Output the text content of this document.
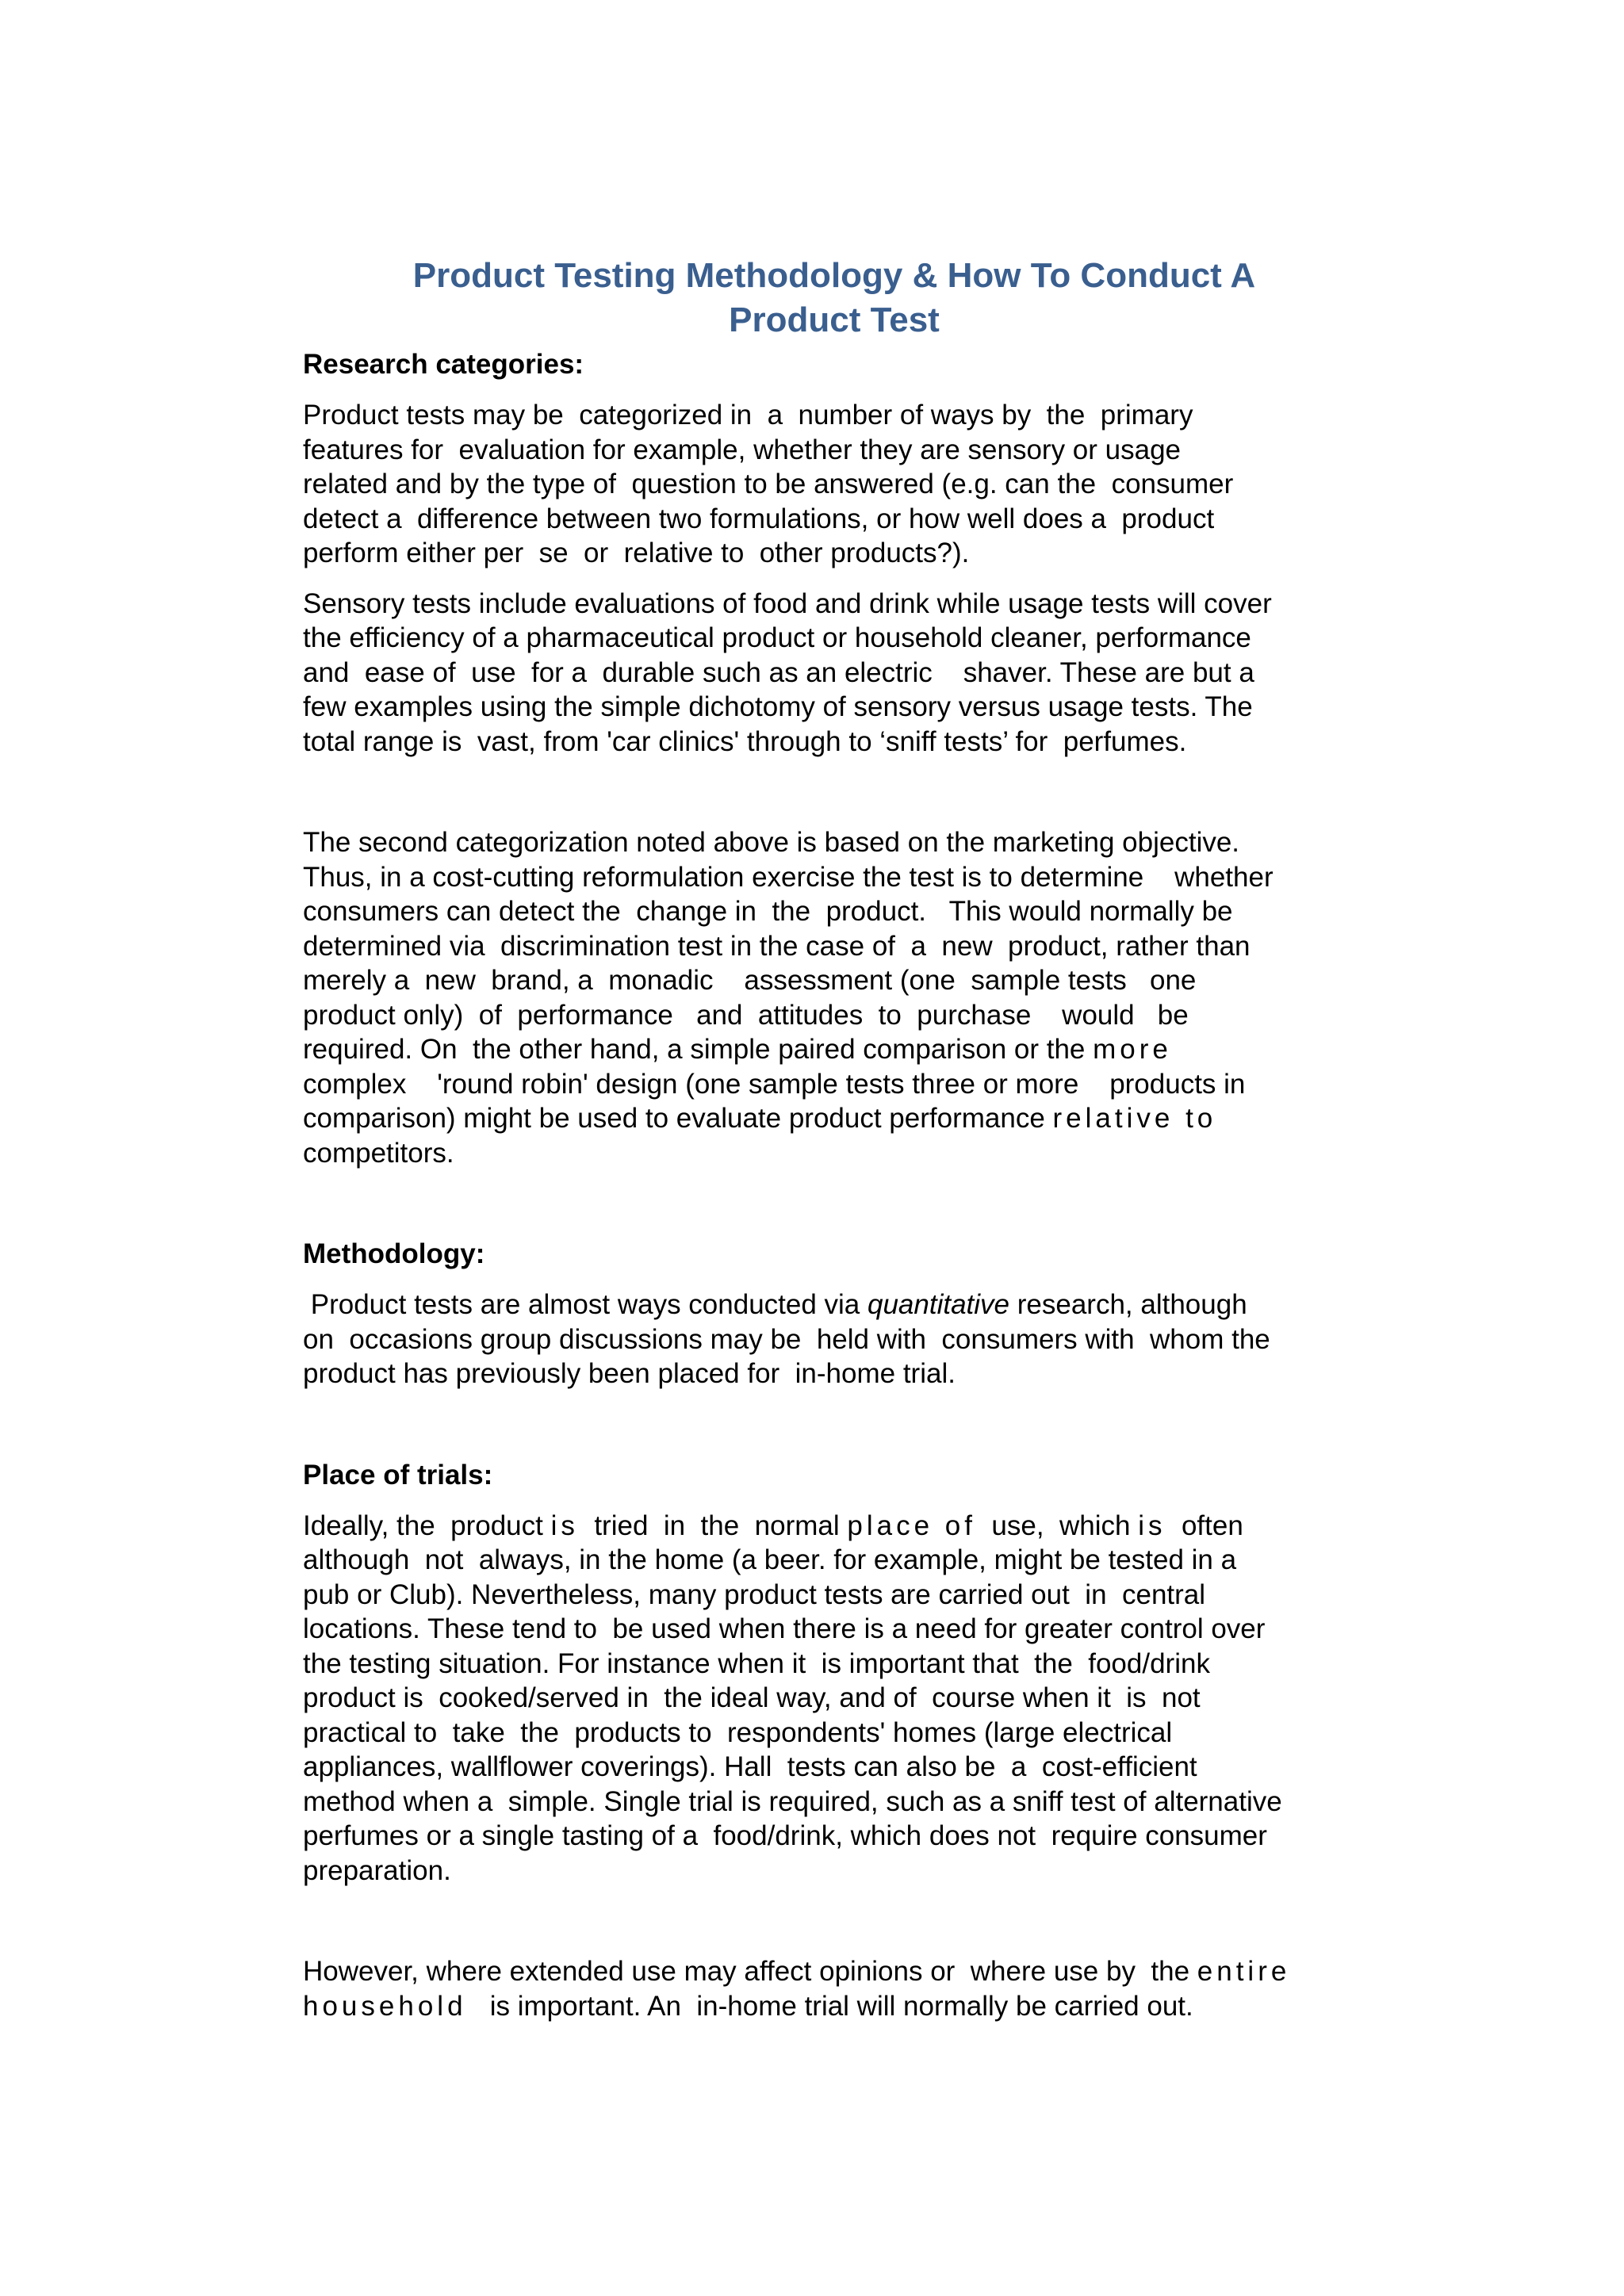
Product Testing Methodology & How To Conduct A
Product Test

Research categories:

Product tests may be  categorized in  a  number of ways by  the  primary
features for  evaluation for example, whether they are sensory or usage
related and by the type of  question to be answered (e.g. can the  consumer
detect a  difference between two formulations, or how well does a  product
perform either per  se  or  relative to  other products?).

Sensory tests include evaluations of food and drink while usage tests will cover
the efficiency of a pharmaceutical product or household cleaner, performance
and  ease of  use  for a  durable such as an electric    shaver. These are but a
few examples using the simple dichotomy of sensory versus usage tests. The
total range is  vast, from 'car clinics' through to ‘sniff tests’ for  perfumes.

The second categorization noted above is based on the marketing objective.
Thus, in a cost-cutting reformulation exercise the test is to determine    whether
consumers can detect the  change in  the  product.   This would normally be
determined via  discrimination test in the case of  a  new  product, rather than
merely a  new  brand, a  monadic    assessment (one  sample tests   one
product only)  of  performance   and  attitudes  to  purchase    would   be
required. On  the other hand, a simple paired comparison or the more
complex    'round robin' design (one sample tests three or more    products in
comparison) might be used to evaluate product performance relative to
competitors.

Methodology:

Product tests are almost ways conducted via quantitative research, although
on  occasions group discussions may be  held with  consumers with  whom the
product has previously been placed for  in-home trial.

Place of trials:

Ideally, the  product is  tried  in  the  normal place of  use,  which is  often
although  not  always, in the home (a beer. for example, might be tested in a
pub or Club). Nevertheless, many product tests are carried out  in  central
locations. These tend to  be used when there is a need for greater control over
the testing situation. For instance when it  is important that  the  food/drink
product is  cooked/served in  the ideal way, and of  course when it  is  not
practical to  take  the  products to  respondents' homes (large electrical
appliances, wallflower coverings). Hall  tests can also be  a  cost-efficient
method when a  simple. Single trial is required, such as a sniff test of alternative
perfumes or a single tasting of a  food/drink, which does not  require consumer
preparation.

However, where extended use may affect opinions or  where use by  the entire
household   is important. An  in-home trial will normally be carried out.
